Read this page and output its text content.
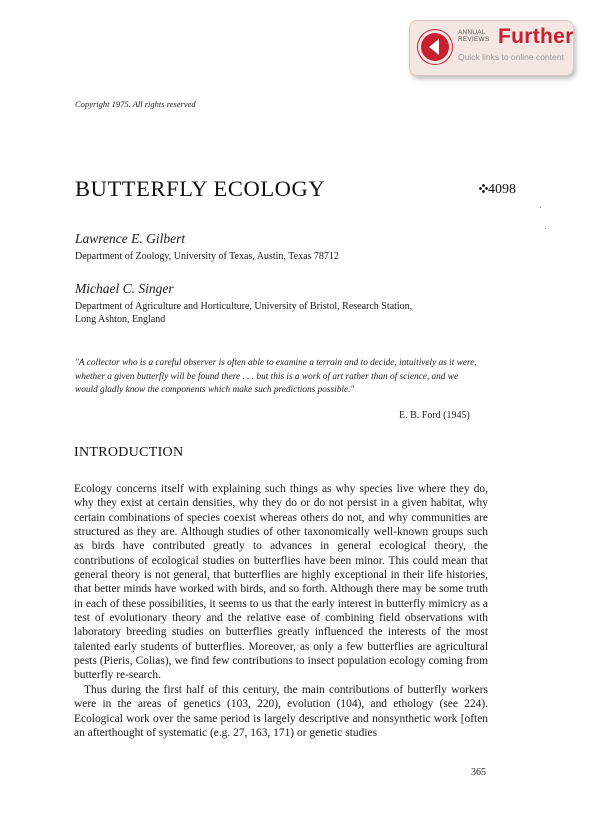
ANNUAL
REVIEWS Further
Quick links to online content
Copyright 1975. All rights reserved
BUTTERFLY ECOLOGY	4098
Lawrence E. Gilbert
Department of Zoology, University of Texas, Austin, Texas 78712
Michael C. Singer
Department of Agriculture and Horticulture, University of Bristol, Research Station,
Long Ashton, England
"A collector who is a careful observer is often able to examine a terrain and to decide, intuitively as it were, whether a given butterfly will be found there . . . but this is a work of art rather than of science, and we would gladly know the components which make such predictions possible."
E. B. Ford (1945)
INTRODUCTION

Ecology concerns itself with explaining such things as why species live where they do, why they exist at certain densities, why they do or do not persist in a given habitat, why certain combinations of species coexist whereas others do not, and why communities are structured as they are. Although studies of other taxonomically well-known groups such as birds have contributed greatly to advances in general ecological theory, the contributions of ecological studies on butterflies have been minor. This could mean that general theory is not general, that butterflies are highly exceptional in their life histories, that better minds have worked with birds, and so forth. Although there may be some truth in each of these possibilities, it seems to us that the early interest in butterfly mimicry as a test of evolutionary theory and the relative ease of combining field observations with laboratory breeding studies on butterflies greatly influenced the interests of the most talented early students of butterflies. Moreover, as only a few butterflies are agricultural pests (Pieris, Colias), we find few contributions to insect population ecology coming from butterfly re-search.

Thus during the first half of this century, the main contributions of butterfly workers were in the areas of genetics (103, 220), evolution (104), and ethology (see 224). Ecological work over the same period is largely descriptive and nonsynthetic work [often an afterthought of systematic (e.g. 27, 163, 171) or genetic studies

365
